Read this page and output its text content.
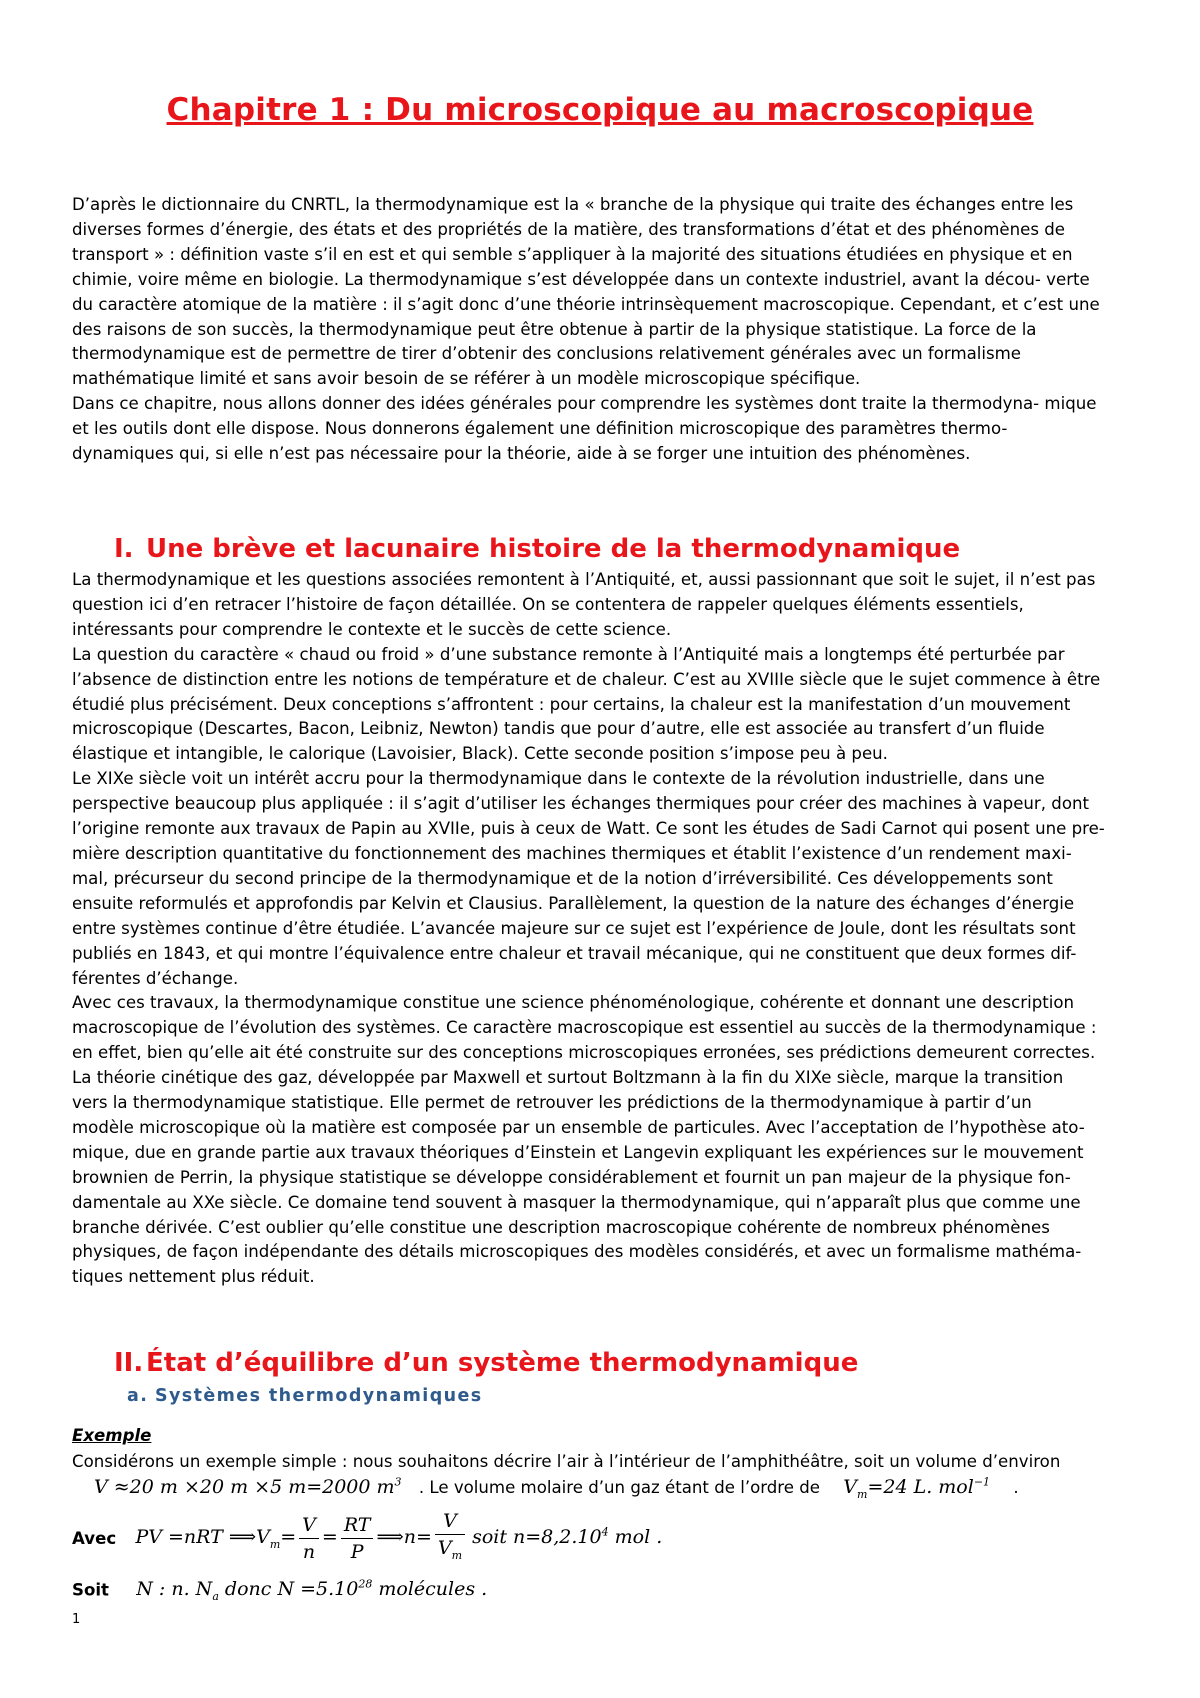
Chapitre 1 : Du microscopique au macroscopique
D’après le dictionnaire du CNRTL, la thermodynamique est la « branche de la physique qui traite des échanges entre les
diverses formes d’énergie, des états et des propriétés de la matière, des transformations d’état et des phénomènes de
transport » : définition vaste s’il en est et qui semble s’appliquer à la majorité des situations étudiées en physique et en
chimie, voire même en biologie. La thermodynamique s’est développée dans un contexte industriel, avant la décou- verte
du caractère atomique de la matière : il s’agit donc d’une théorie intrinsèquement macroscopique. Cependant, et c’est une
des raisons de son succès, la thermodynamique peut être obtenue à partir de la physique statistique. La force de la
thermodynamique est de permettre de tirer d’obtenir des conclusions relativement générales avec un formalisme
mathématique limité et sans avoir besoin de se référer à un modèle microscopique spécifique.
Dans ce chapitre, nous allons donner des idées générales pour comprendre les systèmes dont traite la thermodyna- mique
et les outils dont elle dispose. Nous donnerons également une définition microscopique des paramètres thermo-
dynamiques qui, si elle n’est pas nécessaire pour la théorie, aide à se forger une intuition des phénomènes.
I. Une brève et lacunaire histoire de la thermodynamique
La thermodynamique et les questions associées remontent à l’Antiquité, et, aussi passionnant que soit le sujet, il n’est pas
question ici d’en retracer l’histoire de façon détaillée. On se contentera de rappeler quelques éléments essentiels,
intéressants pour comprendre le contexte et le succès de cette science.
La question du caractère « chaud ou froid » d’une substance remonte à l’Antiquité mais a longtemps été perturbée par
l’absence de distinction entre les notions de température et de chaleur. C’est au XVIIIe siècle que le sujet commence à être
étudié plus précisément. Deux conceptions s’affrontent : pour certains, la chaleur est la manifestation d’un mouvement
microscopique (Descartes, Bacon, Leibniz, Newton) tandis que pour d’autre, elle est associée au transfert d’un fluide
élastique et intangible, le calorique (Lavoisier, Black). Cette seconde position s’impose peu à peu.
Le XIXe siècle voit un intérêt accru pour la thermodynamique dans le contexte de la révolution industrielle, dans une
perspective beaucoup plus appliquée : il s’agit d’utiliser les échanges thermiques pour créer des machines à vapeur, dont
l’origine remonte aux travaux de Papin au XVIIe, puis à ceux de Watt. Ce sont les études de Sadi Carnot qui posent une pre-
mière description quantitative du fonctionnement des machines thermiques et établit l’existence d’un rendement maxi-
mal, précurseur du second principe de la thermodynamique et de la notion d’irréversibilité. Ces développements sont
ensuite reformulés et approfondis par Kelvin et Clausius. Parallèlement, la question de la nature des échanges d’énergie
entre systèmes continue d’être étudiée. L’avancée majeure sur ce sujet est l’expérience de Joule, dont les résultats sont
publiés en 1843, et qui montre l’équivalence entre chaleur et travail mécanique, qui ne constituent que deux formes dif-
férentes d’échange.
Avec ces travaux, la thermodynamique constitue une science phénoménologique, cohérente et donnant une description
macroscopique de l’évolution des systèmes. Ce caractère macroscopique est essentiel au succès de la thermodynamique :
en effet, bien qu’elle ait été construite sur des conceptions microscopiques erronées, ses prédictions demeurent correctes.
La théorie cinétique des gaz, développée par Maxwell et surtout Boltzmann à la fin du XIXe siècle, marque la transition
vers la thermodynamique statistique. Elle permet de retrouver les prédictions de la thermodynamique à partir d’un
modèle microscopique où la matière est composée par un ensemble de particules. Avec l’acceptation de l’hypothèse ato-
mique, due en grande partie aux travaux théoriques d’Einstein et Langevin expliquant les expériences sur le mouvement
brownien de Perrin, la physique statistique se développe considérablement et fournit un pan majeur de la physique fon-
damentale au XXe siècle. Ce domaine tend souvent à masquer la thermodynamique, qui n’apparaît plus que comme une
branche dérivée. C’est oublier qu’elle constitue une description macroscopique cohérente de nombreux phénomènes
physiques, de façon indépendante des détails microscopiques des modèles considérés, et avec un formalisme mathéma-
tiques nettement plus réduit.
II. État d’équilibre d’un système thermodynamique
a. Systèmes thermodynamiques

Exemple

Considérons un exemple simple : nous souhaitons décrire l’air à l’intérieur de l’amphithéâtre, soit un volume d’environ

V ≈20 m ×20 m ×5 m=2000 $m^3$ . Le volume molaire d’un gaz étant de l’ordre de $V_m=24$ L. mol$^{-1}$ .

Avec PV =nRT $⟹V_m= \frac{V}{n} = \frac{RT}{P}$ ⟹n= $\frac{V}{V_m}$ soit $n=8,2.10^4$ mol .

Soit N : n. $N_a$ donc $N =5.10^{28}$ molécules .

1
